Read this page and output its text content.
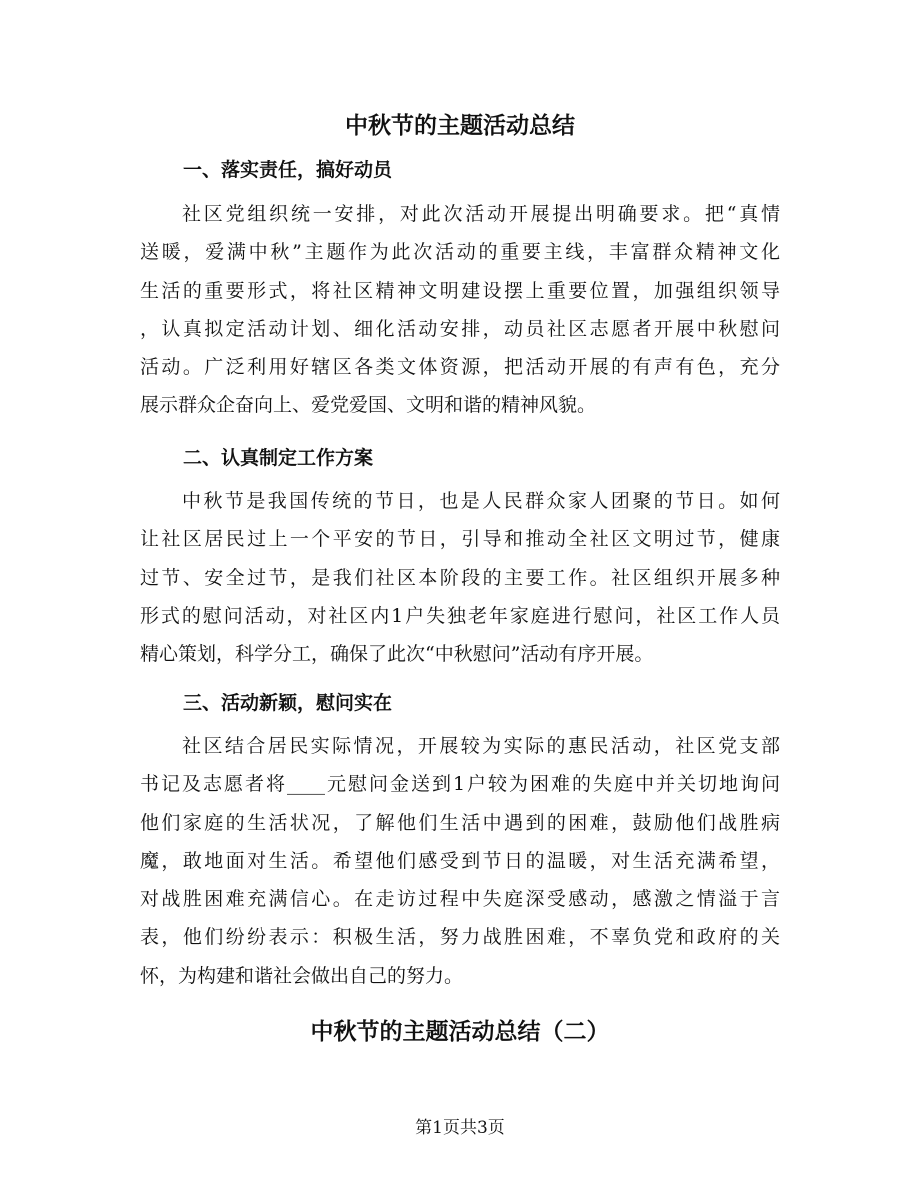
中秋节的主题活动总结
一、落实责任，搞好动员
社区党组织统一安排，对此次活动开展提出明确要求。把“真情
送暖，爱满中秋”主题作为此次活动的重要主线，丰富群众精神文化
生活的重要形式，将社区精神文明建设摆上重要位置，加强组织领导
，认真拟定活动计划、细化活动安排，动员社区志愿者开展中秋慰问
活动。广泛利用好辖区各类文体资源，把活动开展的有声有色，充分
展示群众企奋向上、爱党爱国、文明和谐的精神风貌。
二、认真制定工作方案
中秋节是我国传统的节日，也是人民群众家人团聚的节日。如何
让社区居民过上一个平安的节日，引导和推动全社区文明过节，健康
过节、安全过节，是我们社区本阶段的主要工作。社区组织开展多种
形式的慰问活动，对社区内1户失独老年家庭进行慰问，社区工作人员
精心策划，科学分工，确保了此次“中秋慰问”活动有序开展。
三、活动新颖，慰问实在
社区结合居民实际情况，开展较为实际的惠民活动，社区党支部
书记及志愿者将____元慰问金送到1户较为困难的失庭中并关切地询问
他们家庭的生活状况，了解他们生活中遇到的困难，鼓励他们战胜病
魔，敢地面对生活。希望他们感受到节日的温暖，对生活充满希望，
对战胜困难充满信心。在走访过程中失庭深受感动，感激之情溢于言
表，他们纷纷表示：积极生活，努力战胜困难，不辜负党和政府的关
怀，为构建和谐社会做出自己的努力。
中秋节的主题活动总结（二）
第1页共3页
